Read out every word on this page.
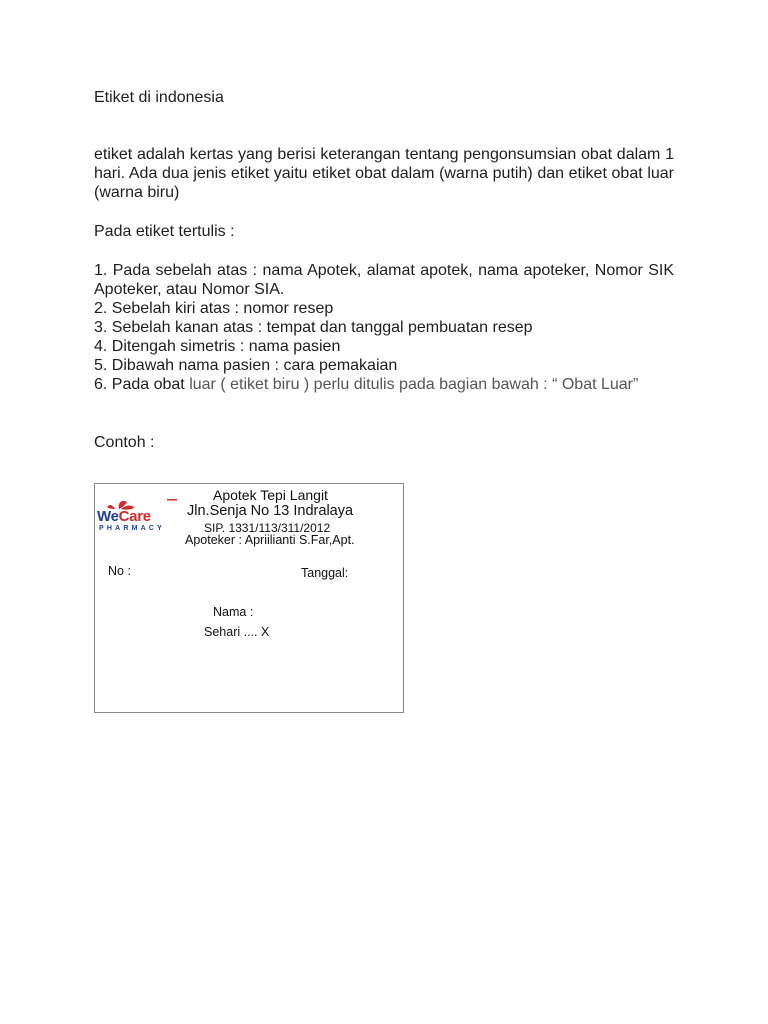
Etiket di indonesia
etiket adalah kertas yang berisi keterangan tentang pengonsumsian obat dalam 1 hari. Ada dua jenis etiket yaitu etiket obat dalam (warna putih) dan etiket obat luar (warna biru)
Pada etiket tertulis :
1. Pada sebelah atas : nama Apotek, alamat apotek, nama apoteker, Nomor SIK Apoteker, atau Nomor SIA.
2. Sebelah kiri atas : nomor resep
3. Sebelah kanan atas : tempat dan tanggal pembuatan resep
4. Ditengah simetris : nama pasien
5. Dibawah nama pasien : cara pemakaian
6. Pada obat luar ( etiket biru ) perlu ditulis pada bagian bawah : “ Obat Luar”
Contoh :
WeCare
PHARMACY
Apotek Tepi Langit
Jln.Senja No 13 Indralaya
SIP. 1331/113/311/2012
Apoteker : Apriilianti S.Far,Apt.
No :	Tanggal:
Nama :
Sehari .... X
